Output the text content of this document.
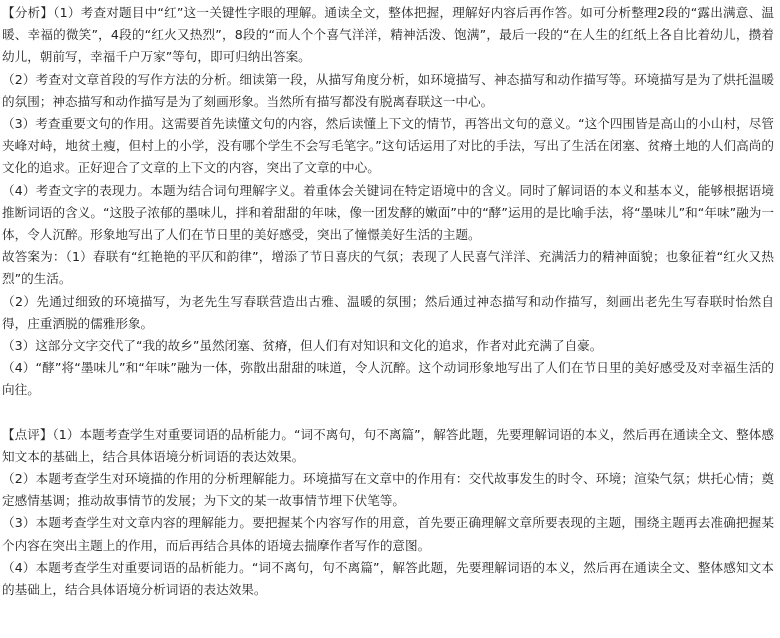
【分析】（1）考查对题目中“红”这一关键性字眼的理解。通读全文，整体把握，理解好内容后再作答。如可分析整理2段的“露出满意、温暖、幸福的微笑”，4段的“红火又热烈”，8段的“而人个个喜气洋洋，精神活泼、饱满”，最后一段的“在人生的红纸上各自比着幼儿，攒着幼儿，朝前写，幸福千户万家”等句，即可归纳出答案。

（2）考查对文章首段的写作方法的分析。细读第一段，从描写角度分析，如环境描写、神态描写和动作描写等。环境描写是为了烘托温暖的氛围；神态描写和动作描写是为了刻画形象。当然所有描写都没有脱离春联这一中心。

（3）考查重要文句的作用。这需要首先读懂文句的内容，然后读懂上下文的情节，再答出文句的意义。“这个四围皆是高山的小山村，尽管夹峰对峙，地贫土瘦，但村上的小学，没有哪个学生不会写毛笔字。”这句话运用了对比的手法，写出了生活在闭塞、贫瘠土地的人们高尚的文化的追求。正好迎合了文章的上下文的内容，突出了文章的中心。

（4）考查文字的表现力。本题为结合词句理解字义。着重体会关键词在特定语境中的含义。同时了解词语的本义和基本义，能够根据语境推断词语的含义。“这股子浓郁的墨味儿，拌和着甜甜的年味，像一团发酵的嫩面”中的“酵”运用的是比喻手法，将“墨味儿”和“年味”融为一体，令人沉醉。形象地写出了人们在节日里的美好感受，突出了憧憬美好生活的主题。

故答案为：（1）春联有“红艳艳的平仄和韵律”，增添了节日喜庆的气氛；表现了人民喜气洋洋、充满活力的精神面貌；也象征着“红火又热烈”的生活。

（2）先通过细致的环境描写，为老先生写春联营造出古雅、温暖的氛围；然后通过神态描写和动作描写，刻画出老先生写春联时怡然自得，庄重洒脱的儒雅形象。

（3）这部分文字交代了“我的故乡”虽然闭塞、贫瘠，但人们有对知识和文化的追求，作者对此充满了自豪。

（4）“酵”将“墨味儿”和“年味”融为一体，弥散出甜甜的味道，令人沉醉。这个动词形象地写出了人们在节日里的美好感受及对幸福生活的向往。

【点评】（1）本题考查学生对重要词语的品析能力。“词不离句，句不离篇”，解答此题，先要理解词语的本义，然后再在通读全文、整体感知文本的基础上，结合具体语境分析词语的表达效果。

（2）本题考查学生对环境描的作用的分析理解能力。环境描写在文章中的作用有：交代故事发生的时令、环境；渲染气氛；烘托心情；奠定感情基调；推动故事情节的发展；为下文的某一故事情节埋下伏笔等。

（3）本题考查学生对文章内容的理解能力。要把握某个内容写作的用意，首先要正确理解文章所要表现的主题，围绕主题再去准确把握某个内容在突出主题上的作用，而后再结合具体的语境去揣摩作者写作的意图。

（4）本题考查学生对重要词语的品析能力。“词不离句，句不离篇”，解答此题，先要理解词语的本义，然后再在通读全文、整体感知文本的基础上，结合具体语境分析词语的表达效果。
